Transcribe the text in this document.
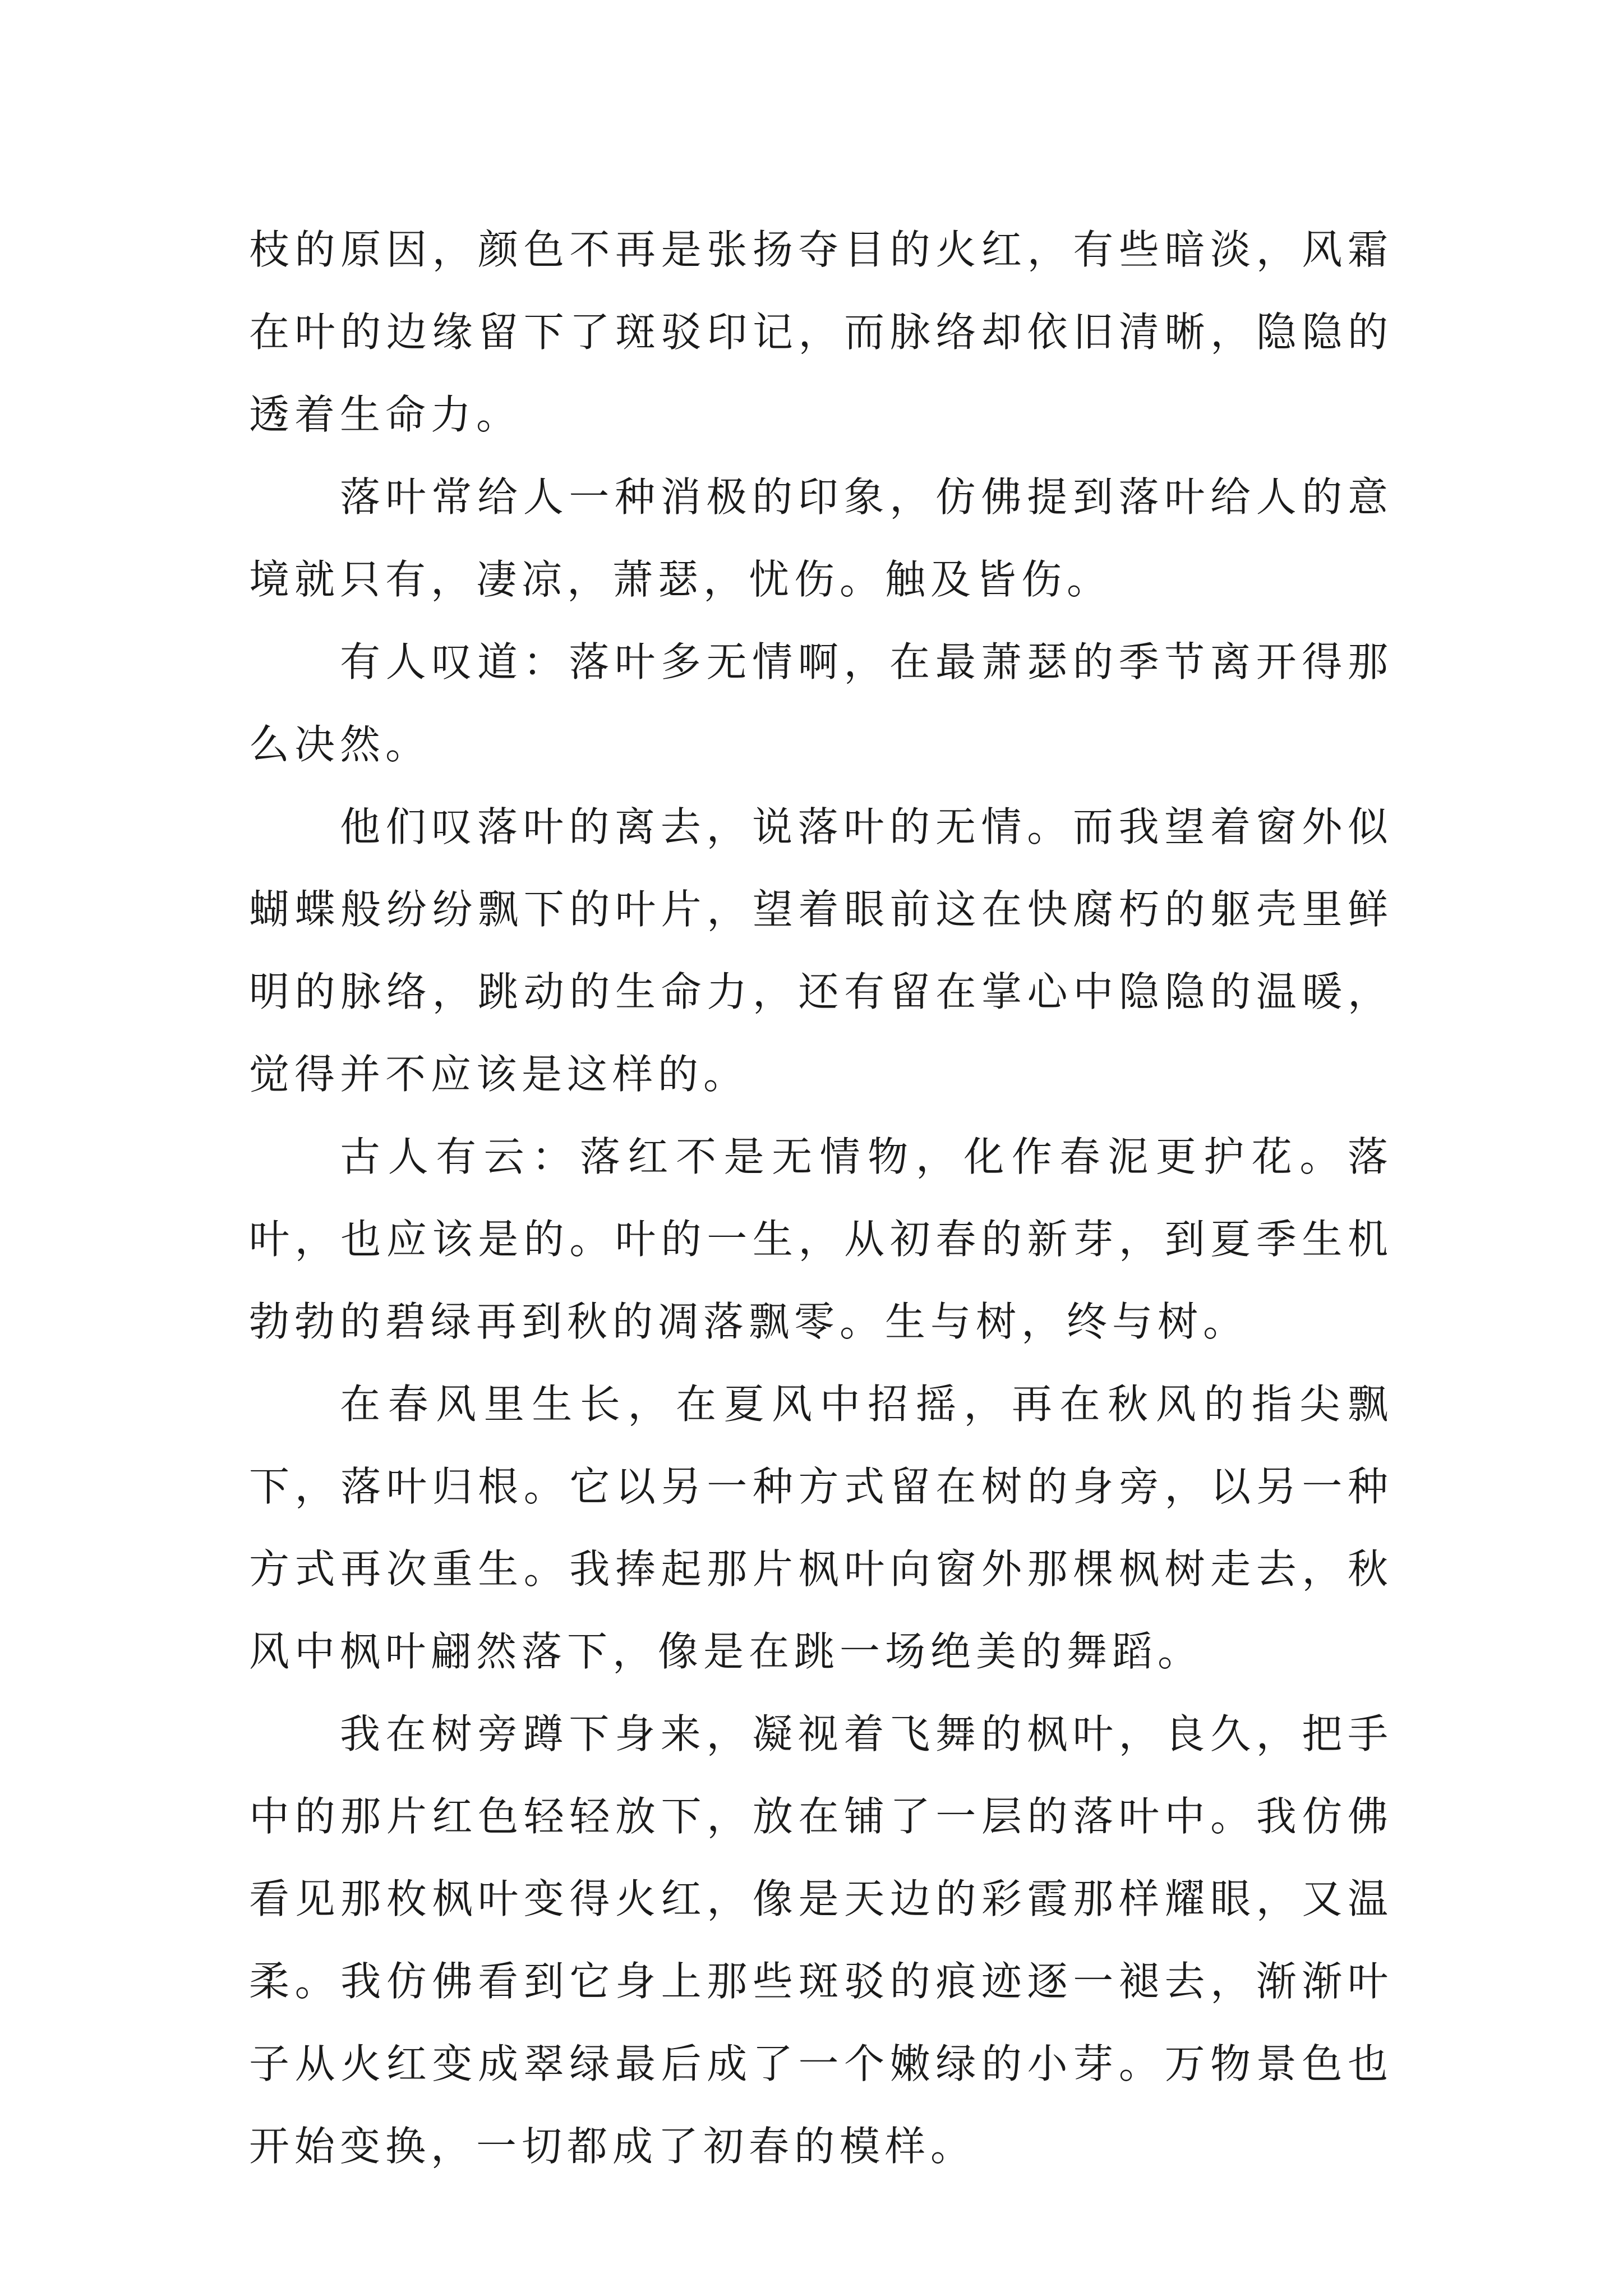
枝的原因，颜色不再是张扬夺目的火红，有些暗淡，风霜在叶的边缘留下了斑驳印记，而脉络却依旧清晰，隐隐的透着生命力。

落叶常给人一种消极的印象，仿佛提到落叶给人的意境就只有，凄凉，萧瑟，忧伤。触及皆伤。

有人叹道：落叶多无情啊，在最萧瑟的季节离开得那么决然。

他们叹落叶的离去，说落叶的无情。而我望着窗外似蝴蝶般纷纷飘下的叶片，望着眼前这在快腐朽的躯壳里鲜明的脉络，跳动的生命力，还有留在掌心中隐隐的温暖，觉得并不应该是这样的。

古人有云：落红不是无情物，化作春泥更护花。落叶，也应该是的。叶的一生，从初春的新芽，到夏季生机勃勃的碧绿再到秋的凋落飘零。生与树，终与树。

在春风里生长，在夏风中招摇，再在秋风的指尖飘下，落叶归根。它以另一种方式留在树的身旁，以另一种方式再次重生。我捧起那片枫叶向窗外那棵枫树走去，秋风中枫叶翩然落下，像是在跳一场绝美的舞蹈。

我在树旁蹲下身来，凝视着飞舞的枫叶，良久，把手中的那片红色轻轻放下，放在铺了一层的落叶中。我仿佛看见那枚枫叶变得火红，像是天边的彩霞那样耀眼，又温柔。我仿佛看到它身上那些斑驳的痕迹逐一褪去，渐渐叶子从火红变成翠绿最后成了一个嫩绿的小芽。万物景色也开始变换，一切都成了初春的模样。
